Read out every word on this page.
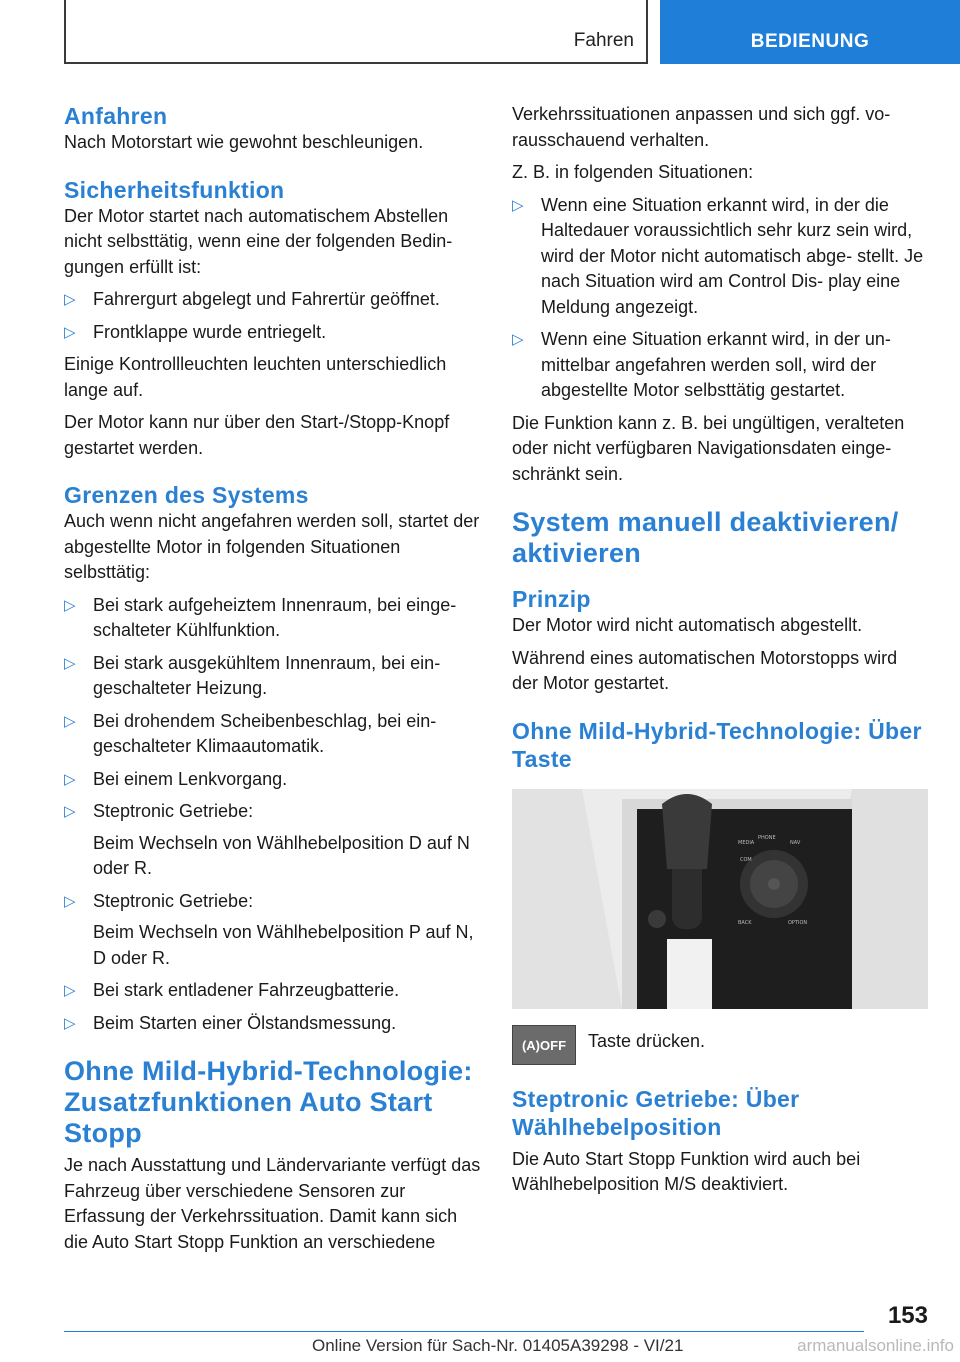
Fahren	BEDIENUNG
Anfahren

Nach Motorstart wie gewohnt beschleunigen.

Sicherheitsfunktion

Der Motor startet nach automatischem Abstellen nicht selbsttätig, wenn eine der folgenden Bedin‑ gungen erfüllt ist:

▷ Fahrergurt abgelegt und Fahrertür geöffnet.
▷ Frontklappe wurde entriegelt.

Einige Kontrollleuchten leuchten unterschiedlich lange auf.

Der Motor kann nur über den Start-/Stopp-Knopf gestartet werden.

Grenzen des Systems

Auch wenn nicht angefahren werden soll, startet der abgestellte Motor in folgenden Situationen selbsttätig:

▷ Bei stark aufgeheiztem Innenraum, bei einge‑ schalteter Kühlfunktion.
▷ Bei stark ausgekühltem Innenraum, bei ein‑ geschalteter Heizung.
▷ Bei drohendem Scheibenbeschlag, bei ein‑ geschalteter Klimaautomatik.
▷ Bei einem Lenkvorgang.
▷ Steptronic Getriebe:
Beim Wechseln von Wählhebelposition D auf N oder R.
▷ Steptronic Getriebe:
Beim Wechseln von Wählhebelposition P auf N, D oder R.
▷ Bei stark entladener Fahrzeugbatterie.
▷ Beim Starten einer Ölstandsmessung.
Ohne Mild-Hybrid-Technologie: Zusatzfunktionen Auto Start Stopp

Je nach Ausstattung und Ländervariante verfügt das Fahrzeug über verschiedene Sensoren zur Erfassung der Verkehrssituation. Damit kann sich die Auto Start Stopp Funktion an verschiedene

Verkehrssituationen anpassen und sich ggf. vo‑ rausschauend verhalten.

Z. B. in folgenden Situationen:

▷ Wenn eine Situation erkannt wird, in der die Haltedauer voraussichtlich sehr kurz sein wird, wird der Motor nicht automatisch abge‑ stellt. Je nach Situation wird am Control Dis‑ play eine Meldung angezeigt.
▷ Wenn eine Situation erkannt wird, in der un‑ mittelbar angefahren werden soll, wird der abgestellte Motor selbsttätig gestartet.

Die Funktion kann z. B. bei ungültigen, veralteten oder nicht verfügbaren Navigationsdaten einge‑ schränkt sein.

System manuell deaktivieren/ aktivieren
Prinzip

Der Motor wird nicht automatisch abgestellt.

Während eines automatischen Motorstopps wird der Motor gestartet.

Ohne Mild-Hybrid-Technologie: Über Taste
MEDIA
PHONE
NAV
COM
BACK	OPTION
(A)OFF	Taste drücken.

Steptronic Getriebe: Über Wählhebelposition

Die Auto Start Stopp Funktion wird auch bei Wählhebelposition M/S deaktiviert.

153
Online Version für Sach-Nr. 01405A39298 - VI/21	armanualsonline.info
